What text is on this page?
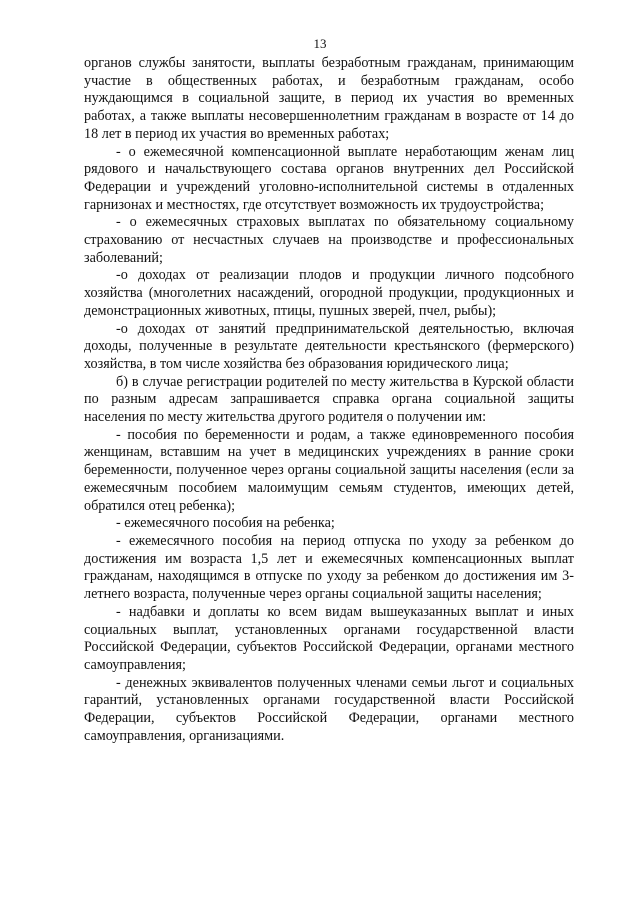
13

органов службы занятости, выплаты безработным гражданам, принимающим участие в общественных работах, и безработным гражданам, особо нуждающимся в социальной защите, в период их участия во временных работах, а также выплаты несовершеннолетним гражданам в возрасте от 14 до 18 лет в период их участия во временных работах;

- о ежемесячной компенсационной выплате неработающим женам лиц рядового и начальствующего состава органов внутренних дел Российской Федерации и учреждений уголовно-исполнительной системы в отдаленных гарнизонах и местностях, где отсутствует возможность их трудоустройства;

- о ежемесячных страховых выплатах по обязательному социальному страхованию от несчастных случаев на производстве и профессиональных заболеваний;

-о доходах от реализации плодов и продукции личного подсобного хозяйства (многолетних насаждений, огородной продукции, продукционных и демонстрационных животных, птицы, пушных зверей, пчел, рыбы);

-о доходах от занятий предпринимательской деятельностью, включая доходы, полученные в результате деятельности крестьянского (фермерского) хозяйства, в том числе хозяйства без образования юридического лица;

б) в случае регистрации родителей по месту жительства в Курской области по разным адресам запрашивается справка органа социальной защиты населения по месту жительства другого родителя о получении им:

- пособия по беременности и родам, а также единовременного пособия женщинам, вставшим на учет в медицинских учреждениях в ранние сроки беременности, полученное через органы социальной защиты населения (если за ежемесячным пособием малоимущим семьям студентов, имеющих детей, обратился отец ребенка);

- ежемесячного пособия на ребенка;

- ежемесячного пособия на период отпуска по уходу за ребенком до достижения им возраста 1,5 лет и ежемесячных компенсационных выплат гражданам, находящимся в отпуске по уходу за ребенком до достижения им 3-летнего возраста, полученные через органы социальной защиты населения;

- надбавки и доплаты ко всем видам вышеуказанных выплат и иных социальных выплат, установленных органами государственной власти Российской Федерации, субъектов Российской Федерации, органами местного самоуправления;

- денежных эквивалентов полученных членами семьи льгот и социальных гарантий, установленных органами государственной власти Российской Федерации, субъектов Российской Федерации, органами местного самоуправления, организациями.
